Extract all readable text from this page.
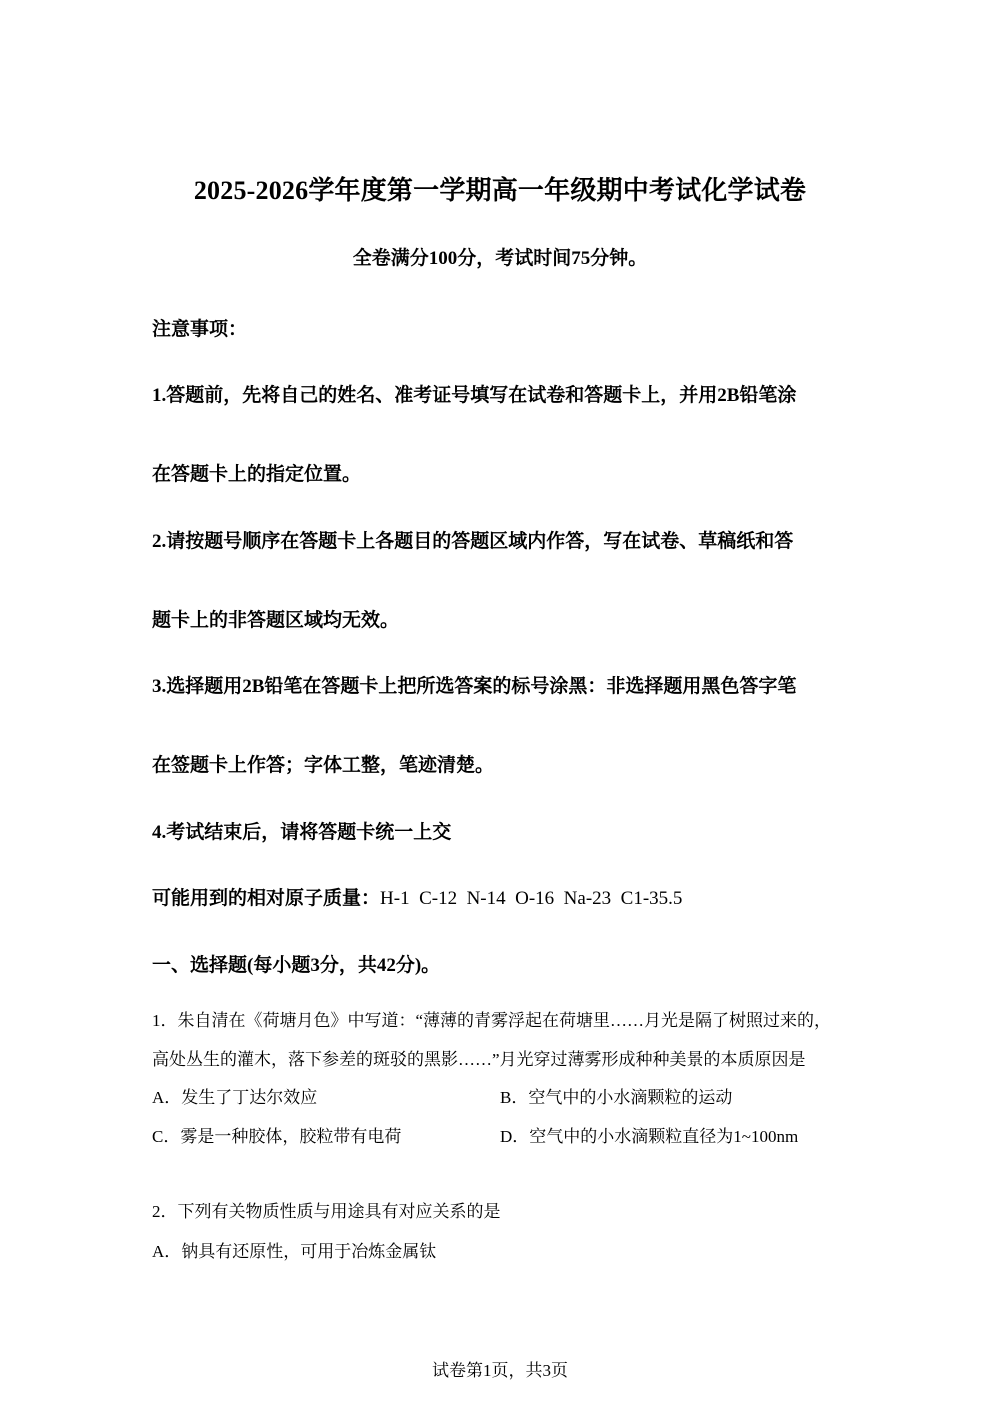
2025-2026学年度第一学期高一年级期中考试化学试卷
全卷满分100分，考试时间75分钟。
注意事项：
1.答题前，先将自己的姓名、准考证号填写在试卷和答题卡上，并用2B铅笔涂
在答题卡上的指定位置。
2.请按题号顺序在答题卡上各题目的答题区域内作答，写在试卷、草稿纸和答
题卡上的非答题区域均无效。
3.选择题用2B铅笔在答题卡上把所选答案的标号涂黑：非选择题用黑色答字笔
在签题卡上作答；字体工整，笔迹清楚。
4.考试结束后，请将答题卡统一上交
可能用到的相对原子质量：H-1  C-12  N-14  O-16  Na-23  C1-35.5
一、选择题(每小题3分，共42分)。
1．朱自清在《荷塘月色》中写道：“薄薄的青雾浮起在荷塘里……月光是隔了树照过来的，
高处丛生的灌木，落下参差的斑驳的黑影……”月光穿过薄雾形成种种美景的本质原因是
A．发生了丁达尔效应	B．空气中的小水滴颗粒的运动
C．雾是一种胶体，胶粒带有电荷	D．空气中的小水滴颗粒直径为1~100nm
2．下列有关物质性质与用途具有对应关系的是
A．钠具有还原性，可用于冶炼金属钛
试卷第1页，共3页
